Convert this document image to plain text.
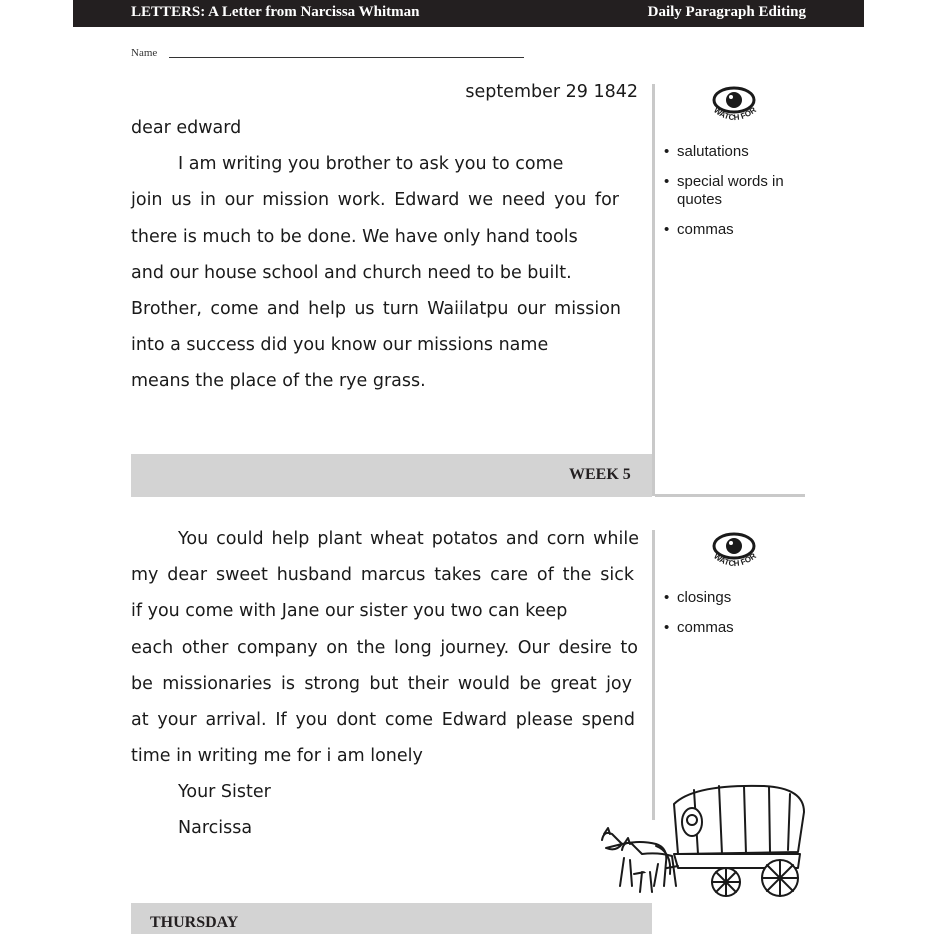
LETTERS: A Letter from Narcissa Whitman	Daily Paragraph Editing
Name
WEEK 5
september 29 1842
dear edward
I am writing you brother to ask you to come
join us in our mission work. Edward we need you for
there is much to be done. We have only hand tools
and our house school and church need to be built.
Brother, come and help us turn Waiilatpu our mission
into a success did you know our missions name
means the place of the rye grass.
WATCH FOR
• salutations
• special words in quotes
• commas
THURSDAY
You could help plant wheat potatos and corn while
my dear sweet husband marcus takes care of the sick
if you come with Jane our sister you two can keep
each other company on the long journey. Our desire to
be missionaries is strong but their would be great joy
at your arrival. If you dont come Edward please spend
time in writing me for i am lonely
Your Sister
Narcissa
WATCH FOR
• closings
• commas
